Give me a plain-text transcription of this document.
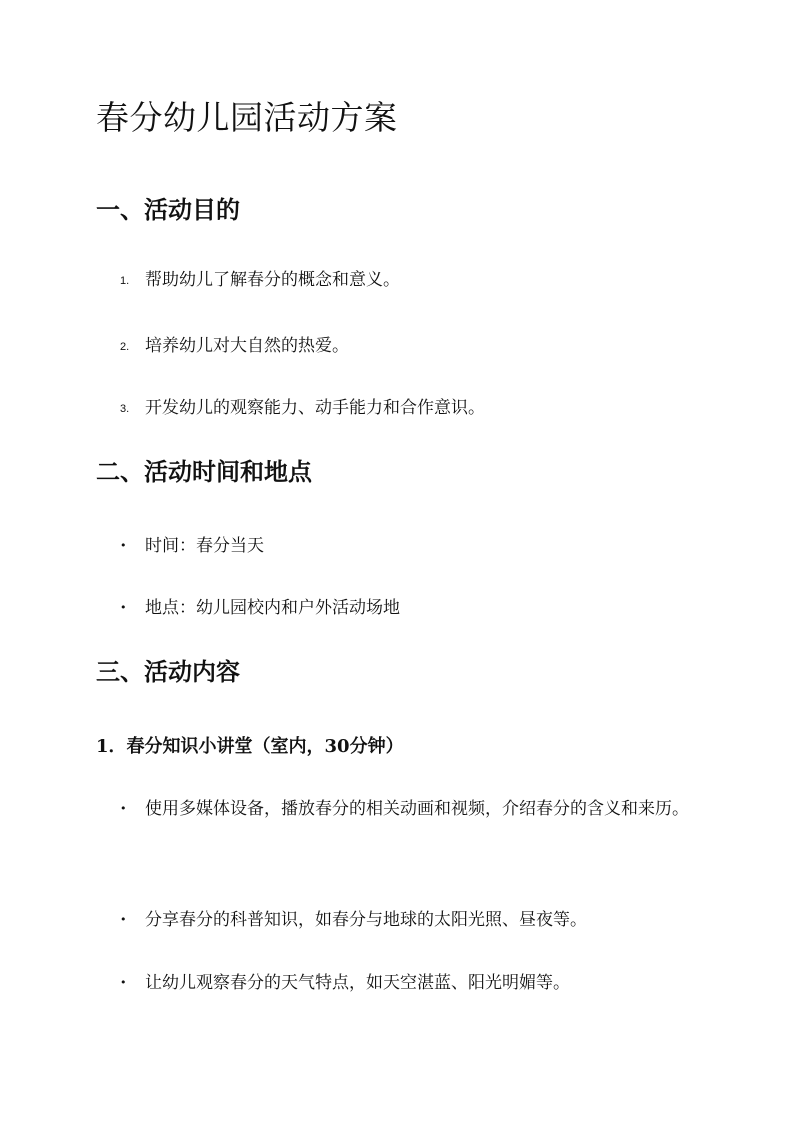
春分幼儿园活动方案
一、活动目的
1. 帮助幼儿了解春分的概念和意义。
2. 培养幼儿对大自然的热爱。
3. 开发幼儿的观察能力、动手能力和合作意识。
二、活动时间和地点
• 时间：春分当天
• 地点：幼儿园校内和户外活动场地
三、活动内容
1．春分知识小讲堂（室内，30分钟）
• 使用多媒体设备，播放春分的相关动画和视频，介绍春分的含义和来历。
• 分享春分的科普知识，如春分与地球的太阳光照、昼夜等。
• 让幼儿观察春分的天气特点，如天空湛蓝、阳光明媚等。
